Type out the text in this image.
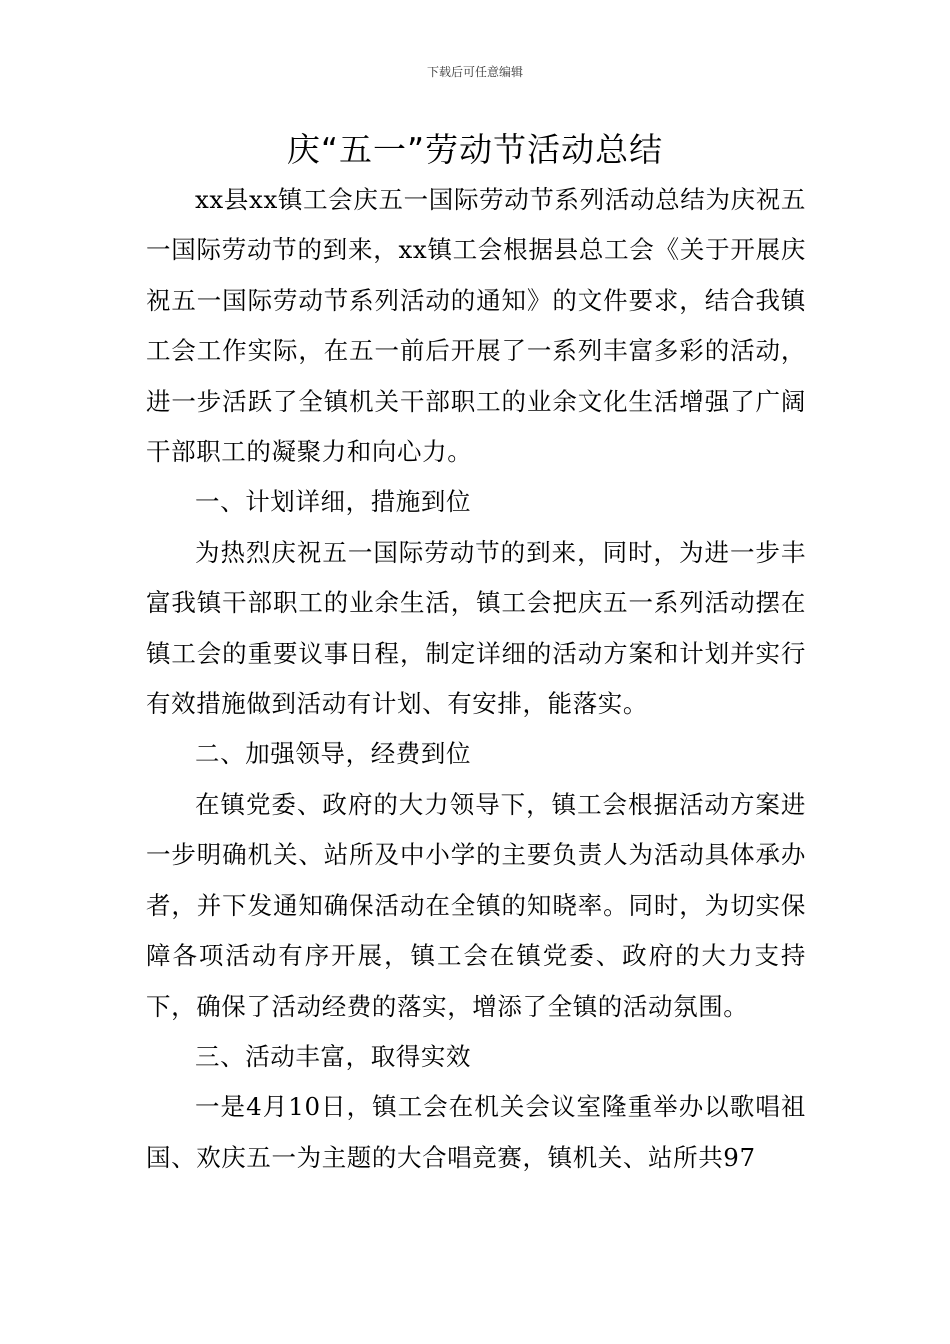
下载后可任意编辑
庆“五一”劳动节活动总结

xx县xx镇工会庆五一国际劳动节系列活动总结为庆祝五一国际劳动节的到来，xx镇工会根据县总工会《关于开展庆祝五一国际劳动节系列活动的通知》的文件要求，结合我镇工会工作实际，在五一前后开展了一系列丰富多彩的活动，进一步活跃了全镇机关干部职工的业余文化生活增强了广阔干部职工的凝聚力和向心力。

一、计划详细，措施到位

为热烈庆祝五一国际劳动节的到来，同时，为进一步丰富我镇干部职工的业余生活，镇工会把庆五一系列活动摆在镇工会的重要议事日程，制定详细的活动方案和计划并实行有效措施做到活动有计划、有安排，能落实。

二、加强领导，经费到位

在镇党委、政府的大力领导下，镇工会根据活动方案进一步明确机关、站所及中小学的主要负责人为活动具体承办者，并下发通知确保活动在全镇的知晓率。同时，为切实保障各项活动有序开展，镇工会在镇党委、政府的大力支持下，确保了活动经费的落实，增添了全镇的活动氛围。

三、活动丰富，取得实效

一是4月10日，镇工会在机关会议室隆重举办以歌唱祖国、欢庆五一为主题的大合唱竞赛，镇机关、站所共97
